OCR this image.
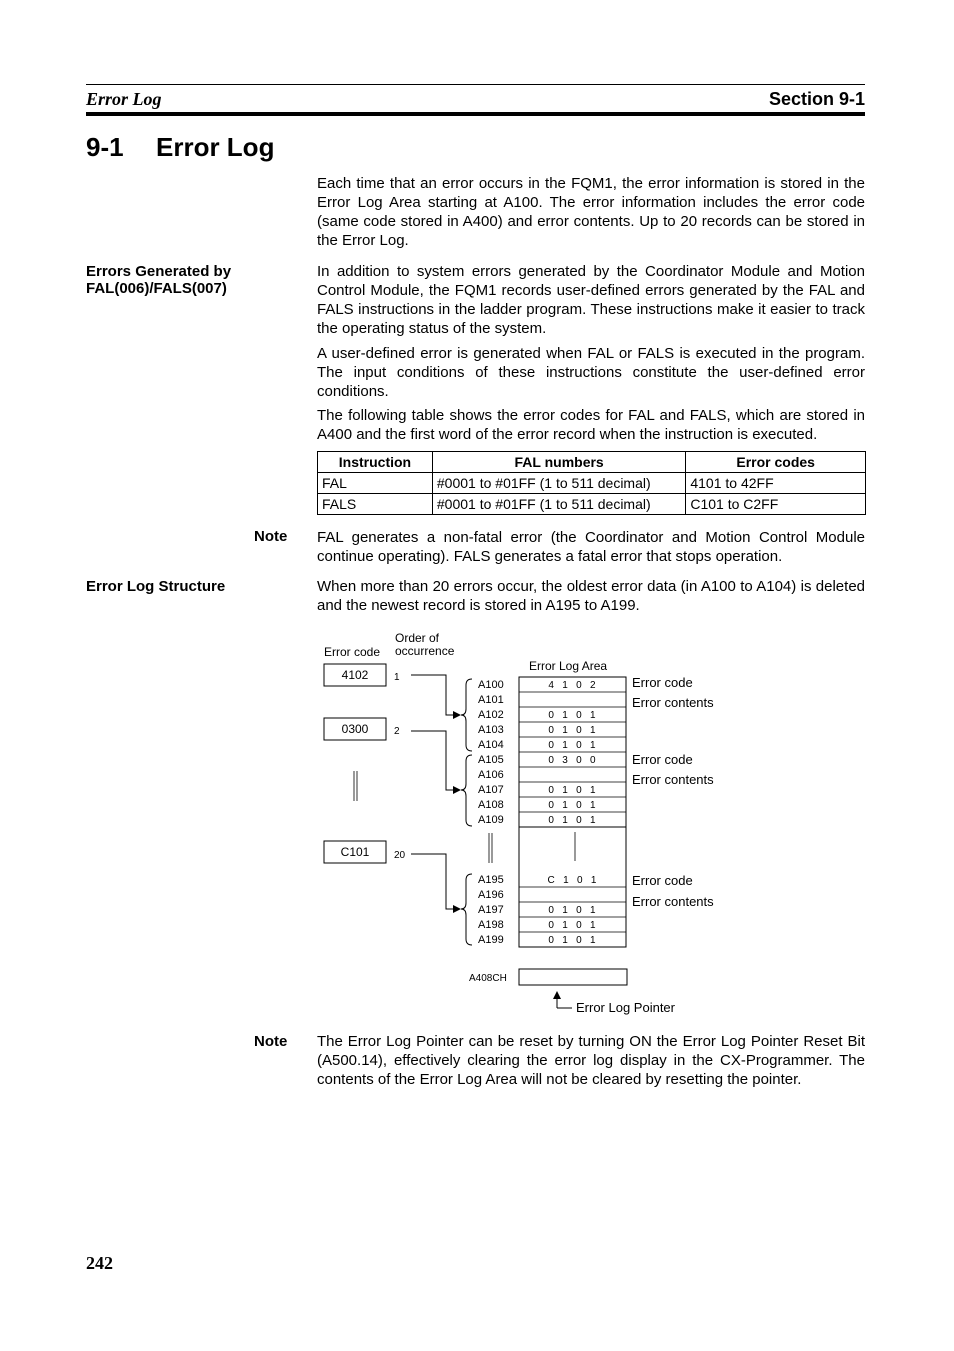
Error Log	Section 9-1
9-1 Error Log

Each time that an error occurs in the FQM1, the error information is stored in the Error Log Area starting at A100. The error information includes the error code (same code stored in A400) and error contents. Up to 20 records can be stored in the Error Log.

Errors Generated by FAL(006)/FALS(007)

In addition to system errors generated by the Coordinator Module and Motion Control Module, the FQM1 records user-defined errors generated by the FAL and FALS instructions in the ladder program. These instructions make it easier to track the operating status of the system.

A user-defined error is generated when FAL or FALS is executed in the program. The input conditions of these instructions constitute the user-defined error conditions.

The following table shows the error codes for FAL and FALS, which are stored in A400 and the first word of the error record when the instruction is executed.

Instruction	FAL numbers	Error codes
FAL	#0001 to #01FF (1 to 511 decimal)	4101 to 42FF
FALS	#0001 to #01FF (1 to 511 decimal)	C101 to C2FF
Note FAL generates a non-fatal error (the Coordinator and Motion Control Module continue operating). FALS generates a fatal error that stops operation.

Error Log Structure	When more than 20 errors occur, the oldest error data (in A100 to A104) is deleted and the newest record is stored in A195 to A199.

Error code
Order of
occurrence
Error Log Area
4102	1
0300	2
C101 20
A100	4   1   0   2
A101
A102	0   1   0   1
A103	0   1   0   1
A104	0   1   0   1
A105	0   3   0   0
A106
A107	0   1   0   1
A108	0   1   0   1
A109	0   1   0   1
A195	C   1   0   1
A196
A197	0   1   0   1
A198	0   1   0   1
A199	0   1   0   1
Error code
Error contents
Error code
Error contents
Error code
Error contents
A408CH
Error Log Pointer
Note The Error Log Pointer can be reset by turning ON the Error Log Pointer Reset Bit (A500.14), effectively clearing the error log display in the CX-Programmer. The contents of the Error Log Area will not be cleared by resetting the pointer.

242
